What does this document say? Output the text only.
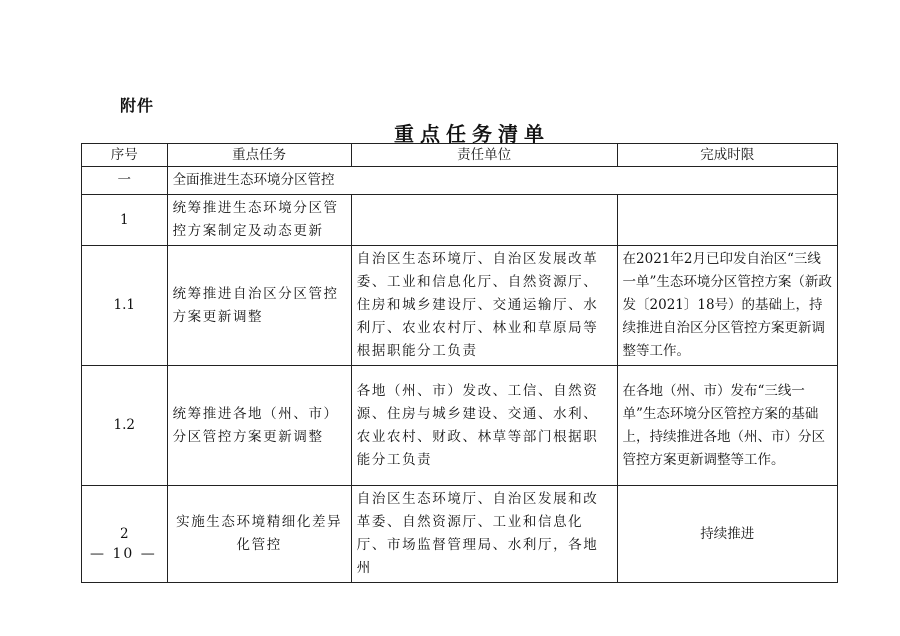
附件
重点任务清单
序号	重点任务	责任单位	完成时限
一	全面推进生态环境分区管控		
1	统筹推进生态环境分区管控方案制定及动态更新		
1.1	统筹推进自治区分区管控方案更新调整	自治区生态环境厅、自治区发展改革委、工业和信息化厅、自然资源厅、住房和城乡建设厅、交通运输厅、水利厅、农业农村厅、林业和草原局等根据职能分工负责	在2021年2月已印发自治区“三线一单”生态环境分区管控方案（新政发〔2021〕18号）的基础上，持续推进自治区分区管控方案更新调整等工作。
1.2	统筹推进各地（州、市）分区管控方案更新调整	各地（州、市）发改、工信、自然资源、住房与城乡建设、交通、水利、农业农村、财政、林草等部门根据职能分工负责	在各地（州、市）发布“三线一单”生态环境分区管控方案的基础上，持续推进各地（州、市）分区管控方案更新调整等工作。
2	实施生态环境精细化差异化管控	自治区生态环境厅、自治区发展和改革委、自然资源厅、工业和信息化厅、市场监督管理局、水利厅，各地州	持续推进
— 10 —
